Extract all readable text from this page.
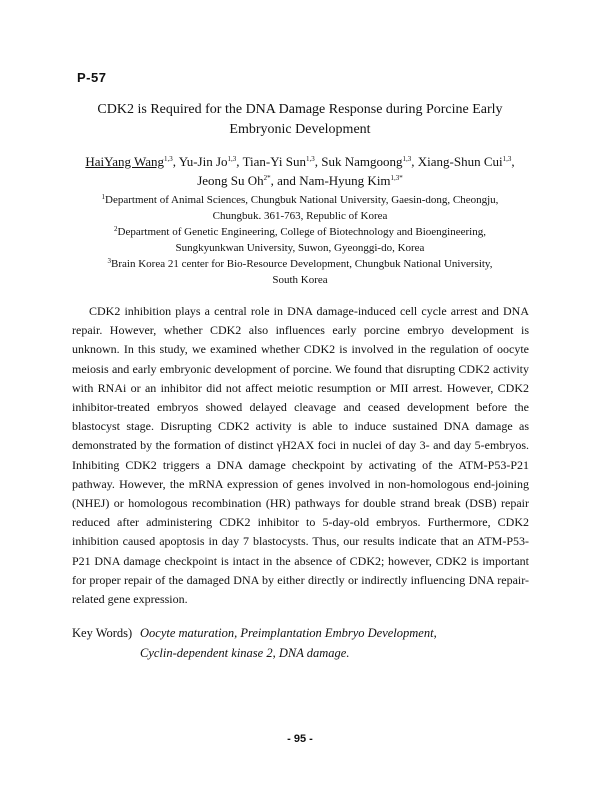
P-57
CDK2 is Required for the DNA Damage Response during Porcine Early
Embryonic Development
HaiYang Wang$^{1,3}$, Yu-Jin Jo$^{1,3}$, Tian-Yi Sun$^{1,3}$, Suk Namgoong$^{1,3}$, Xiang-Shun Cui$^{1,3}$,
Jeong Su $Oh^{2*}$, and Nam-Hyung Kim$^{1,3*}$

$^1$Department of Animal Sciences, Chungbuk National University, Gaesin-dong, Cheongju,

Chungbuk. 361-763, Republic of Korea

$^2$Department of Genetic Engineering, College of Biotechnology and Bioengineering,

Sungkyunkwan University, Suwon, Gyeonggi-do, Korea

$^3$Brain Korea 21 center for Bio-Resource Development, Chungbuk National University,

South Korea

CDK2 inhibition plays a central role in DNA damage‐induced cell cycle arrest and DNA repair. However, whether CDK2 also influences early porcine embryo development is unknown. In this study, we examined whether CDK2 is involved in the regulation of oocyte meiosis and early embryonic development of porcine. We found that disrupting CDK2 activity with RNAi or an inhibitor did not affect meiotic resumption or MII arrest. However, CDK2 inhibitor-treated embryos showed delayed cleavage and ceased development before the blastocyst stage. Disrupting CDK2 activity is able to induce sustained DNA damage as demonstrated by the formation of distinct γH2AX foci in nuclei of day 3- and day 5-embryos. Inhibiting CDK2 triggers a DNA damage checkpoint by activating of the ATM-P53-P21 pathway. However, the mRNA expression of genes involved in non-homologous end-joining (NHEJ) or homologous recombination (HR) pathways for double strand break (DSB) repair reduced after administering CDK2 inhibitor to 5-day-old embryos. Furthermore, CDK2 inhibition caused apoptosis in day 7 blastocysts. Thus, our results indicate that an ATM-P53-P21 DNA damage checkpoint is intact in the absence of CDK2; however, CDK2 is important for proper repair of the damaged DNA by either directly or indirectly influencing DNA repair-related gene expression.

Key Words) Oocyte maturation, Preimplantation Embryo Development,
Cyclin-dependent kinase 2, DNA damage.
- 95 -
